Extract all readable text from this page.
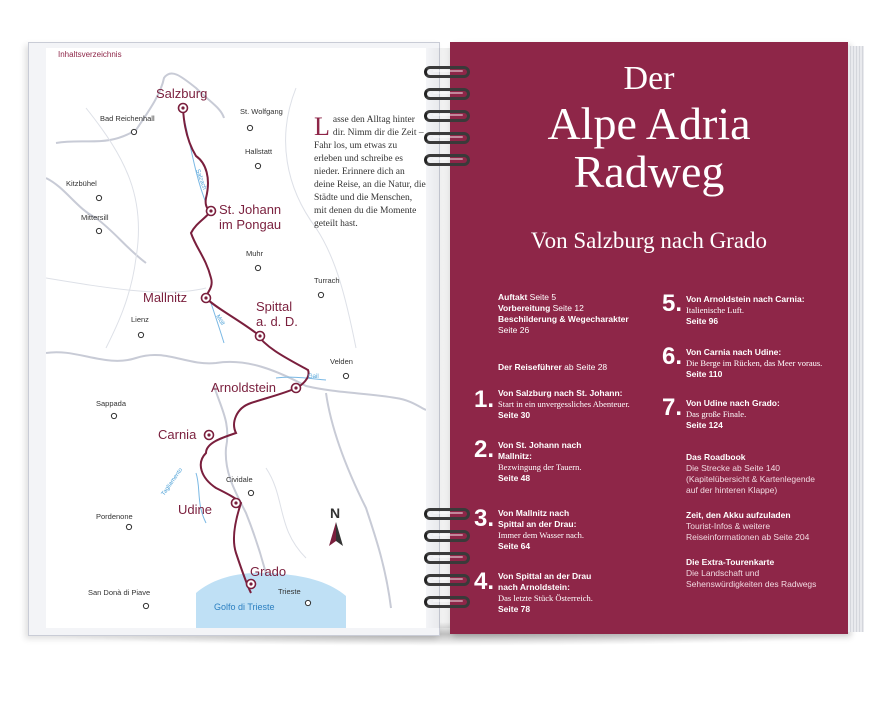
Salzburg
St. Johann
im Pongau
Mallnitz
Spittal
a. d. D.
Arnoldstein
Carnia
Udine
Grado
Bad Reichenhall
St. Wolfgang
Hallstatt
Kitzbühel
Mittersill
Muhr
Turrach
Lienz
Velden
Sappada
Cividale
Pordenone
San Donà di Piave	Trieste
Salzach
Möll
Gail
Tagliamento
Golfo di Trieste
N
Inhaltsverzeichnis
Lasse den Alltag hinter dir. Nimm dir die Zeit – Fahr los, um etwas zu erleben und schreibe es nieder. Erinnere dich an deine Reise, an die Natur, die Städte und die Menschen, mit denen du die Momente geteilt hast.
Der
Alpe Adria
Radweg
Von Salzburg nach Grado
Auftakt Seite 5
Vorbereitung Seite 12
Beschilderung & Wegecharakter
Seite 26
Der Reiseführer ab Seite 28
1. Von Salzburg nach St. Johann:
Start in ein unvergessliches Abenteuer.
Seite 30
2. Von St. Johann nach
Mallnitz:
Bezwingung der Tauern.
Seite 48
3. Von Mallnitz nach
Spittal an der Drau:
Immer dem Wasser nach.
Seite 64
4. Von Spittal an der Drau
nach Arnoldstein:
Das letzte Stück Österreich.
Seite 78
5. Von Arnoldstein nach Carnia:
Italienische Luft.
Seite 96
6. Von Carnia nach Udine:
Die Berge im Rücken, das Meer voraus.
Seite 110
7. Von Udine nach Grado:
Das große Finale.
Seite 124
Das Roadbook
Die Strecke ab Seite 140
(Kapitelübersicht & Kartenlegende
auf der hinteren Klappe)
Zeit, den Akku aufzuladen
Tourist-Infos & weitere
Reiseinformationen ab Seite 204
Die Extra-Tourenkarte
Die Landschaft und
Sehenswürdigkeiten des Radwegs
